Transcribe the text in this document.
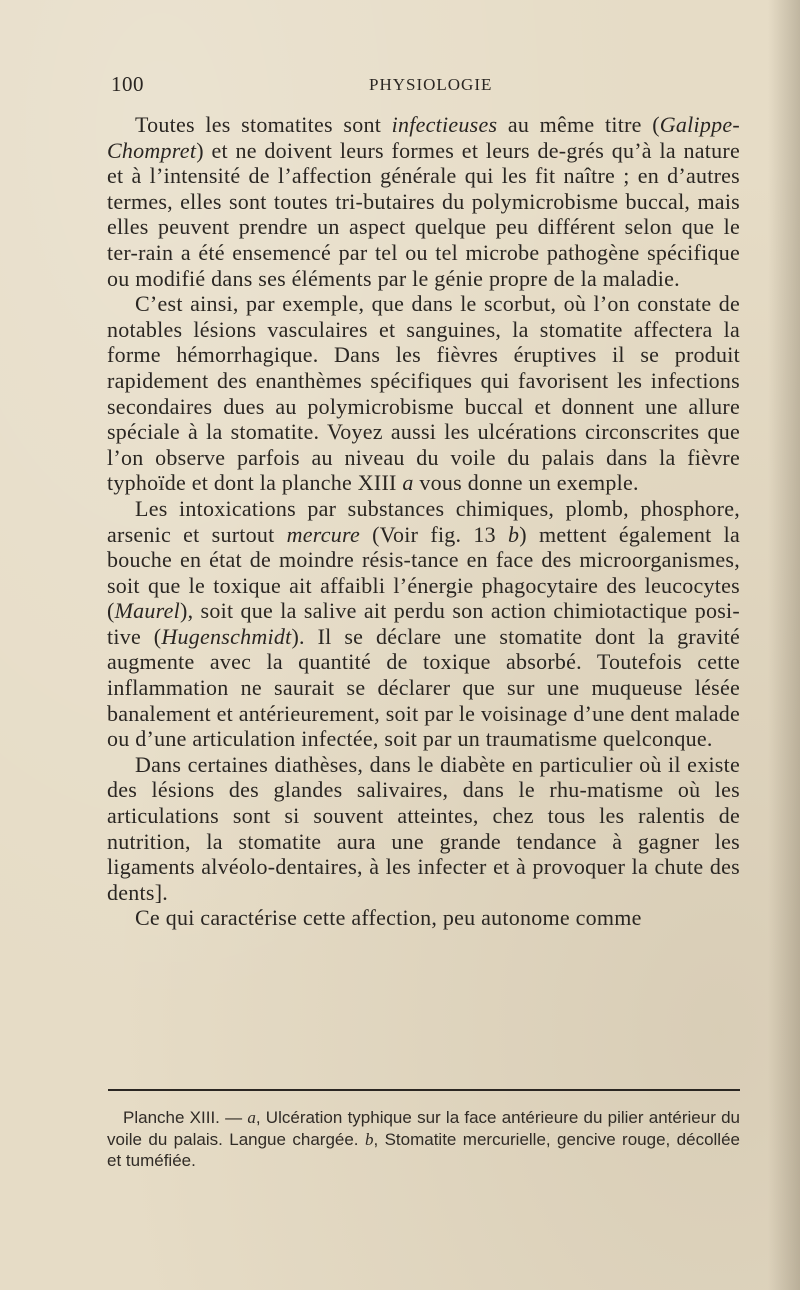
100	PHYSIOLOGIE

Toutes les stomatites sont infectieuses au même titre (Galippe-Chompret) et ne doivent leurs formes et leurs de-grés qu’à la nature et à l’intensité de l’affection générale qui les fit naître ; en d’autres termes, elles sont toutes tri-butaires du polymicrobisme buccal, mais elles peuvent prendre un aspect quelque peu différent selon que le ter-rain a été ensemencé par tel ou tel microbe pathogène spécifique ou modifié dans ses éléments par le génie propre de la maladie.

C’est ainsi, par exemple, que dans le scorbut, où l’on constate de notables lésions vasculaires et sanguines, la stomatite affectera la forme hémorrhagique. Dans les fièvres éruptives il se produit rapidement des enanthèmes spécifiques qui favorisent les infections secondaires dues au polymicrobisme buccal et donnent une allure spéciale à la stomatite. Voyez aussi les ulcérations circonscrites que l’on observe parfois au niveau du voile du palais dans la fièvre typhoïde et dont la planche XIII a vous donne un exemple.

Les intoxications par substances chimiques, plomb, phosphore, arsenic et surtout mercure (Voir fig. 13 b) mettent également la bouche en état de moindre résis-tance en face des microorganismes, soit que le toxique ait affaibli l’énergie phagocytaire des leucocytes (Maurel), soit que la salive ait perdu son action chimiotactique posi-tive (Hugenschmidt). Il se déclare une stomatite dont la gravité augmente avec la quantité de toxique absorbé. Toutefois cette inflammation ne saurait se déclarer que sur une muqueuse lésée banalement et antérieurement, soit par le voisinage d’une dent malade ou d’une articulation infectée, soit par un traumatisme quelconque.

Dans certaines diathèses, dans le diabète en particulier où il existe des lésions des glandes salivaires, dans le rhu-matisme où les articulations sont si souvent atteintes, chez tous les ralentis de nutrition, la stomatite aura une grande tendance à gagner les ligaments alvéolo-dentaires, à les infecter et à provoquer la chute des dents].

Ce qui caractérise cette affection, peu autonome comme

Planche XIII. — a, Ulcération typhique sur la face antérieure du pilier antérieur du voile du palais. Langue chargée. b, Stomatite mercurielle, gencive rouge, décollée et tuméfiée.
